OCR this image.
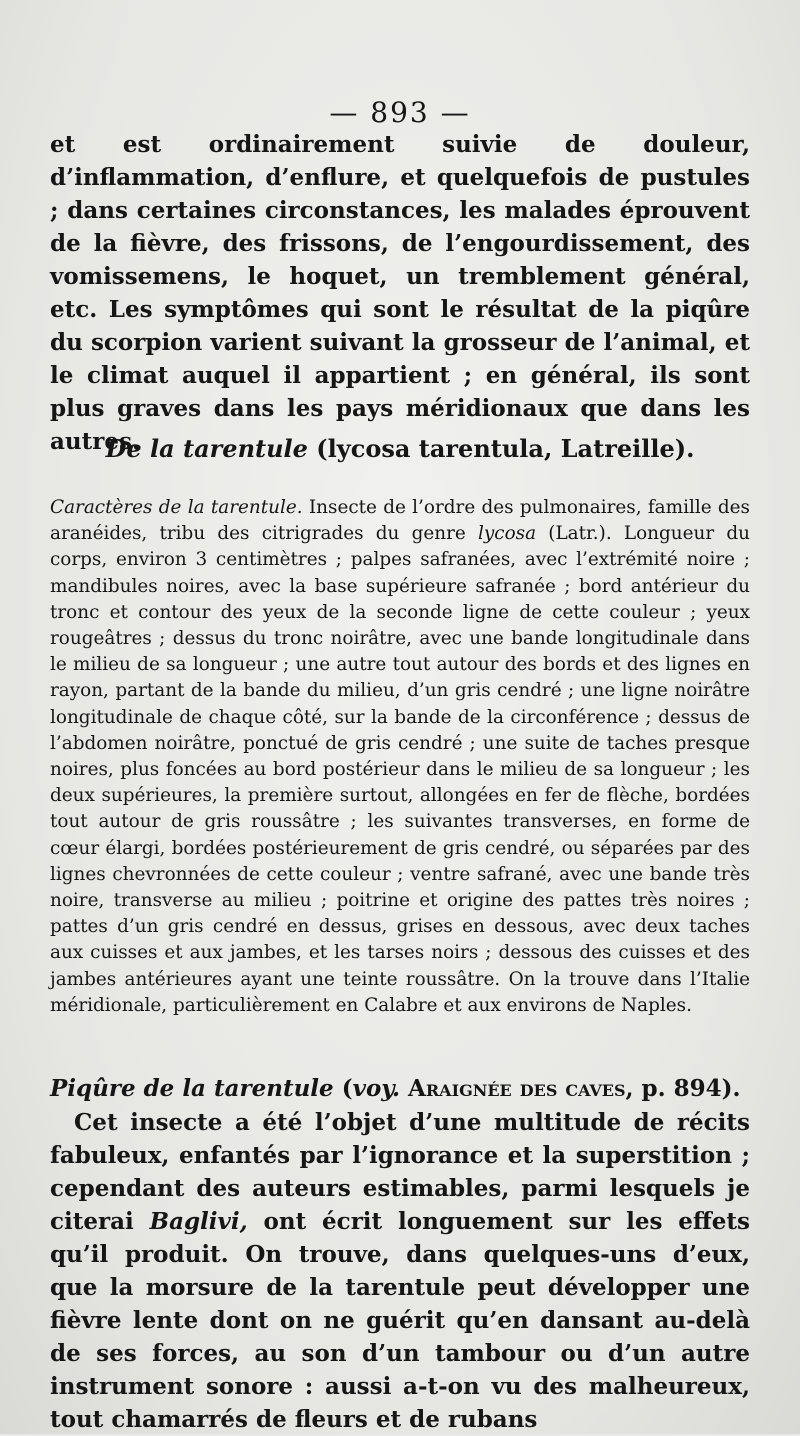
— 893 —

et est ordinairement suivie de douleur, d’inflammation, d’enflure, et quelquefois de pustules ; dans certaines circonstances, les malades éprouvent de la fièvre, des frissons, de l’engourdissement, des vomissemens, le hoquet, un tremblement général, etc. Les symptômes qui sont le résultat de la piqûre du scorpion varient suivant la grosseur de l’animal, et le climat auquel il appartient ; en général, ils sont plus graves dans les pays méridionaux que dans les autres.

De la tarentule (lycosa tarentula, Latreille).

Caractères de la tarentule. Insecte de l’ordre des pulmonaires, famille des aranéides, tribu des citrigrades du genre lycosa (Latr.). Longueur du corps, environ 3 centimètres ; palpes safranées, avec l’extrémité noire ; mandibules noires, avec la base supérieure safranée ; bord antérieur du tronc et contour des yeux de la seconde ligne de cette couleur ; yeux rougeâtres ; dessus du tronc noirâtre, avec une bande longitudinale dans le milieu de sa longueur ; une autre tout autour des bords et des lignes en rayon, partant de la bande du milieu, d’un gris cendré ; une ligne noirâtre longitudinale de chaque côté, sur la bande de la circonférence ; dessus de l’abdomen noirâtre, ponctué de gris cendré ; une suite de taches presque noires, plus foncées au bord postérieur dans le milieu de sa longueur ; les deux supérieures, la première surtout, allongées en fer de flèche, bordées tout autour de gris roussâtre ; les suivantes transverses, en forme de cœur élargi, bordées postérieurement de gris cendré, ou séparées par des lignes chevronnées de cette couleur ; ventre safrané, avec une bande très noire, transverse au milieu ; poitrine et origine des pattes très noires ; pattes d’un gris cendré en dessus, grises en dessous, avec deux taches aux cuisses et aux jambes, et les tarses noirs ; dessous des cuisses et des jambes antérieures ayant une teinte roussâtre. On la trouve dans l’Italie méridionale, particulièrement en Calabre et aux environs de Naples.

Piqûre de la tarentule (voy. Araignée des caves, p. 894).

Cet insecte a été l’objet d’une multitude de récits fabuleux, enfantés par l’ignorance et la superstition ; cependant des auteurs estimables, parmi lesquels je citerai Baglivi, ont écrit longuement sur les effets qu’il produit. On trouve, dans quelques-uns d’eux, que la morsure de la tarentule peut développer une fièvre lente dont on ne guérit qu’en dansant au-delà de ses forces, au son d’un tambour ou d’un autre instrument sonore : aussi a-t-on vu des malheureux, tout chamarrés de fleurs et de rubans
